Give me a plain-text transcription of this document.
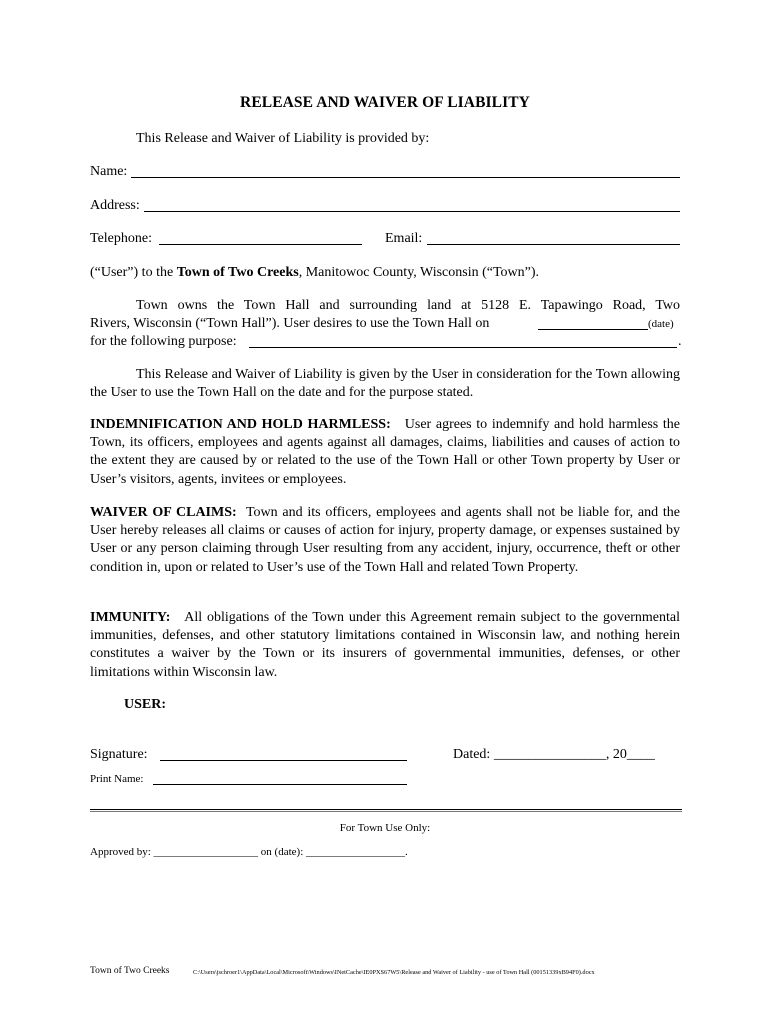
RELEASE AND WAIVER OF LIABILITY
This Release and Waiver of Liability is provided by:
Name:
Address:
Telephone:	Email:
(“User”) to the Town of Two Creeks, Manitowoc County, Wisconsin (“Town”).
Town owns the Town Hall and surrounding land at 5128 E. Tapawingo Road, Two
Rivers, Wisconsin (“Town Hall”). User desires to use the Town Hall on	(date)
for the following purpose:	.
This Release and Waiver of Liability is given by the User in consideration for the Town allowing the User to use the Town Hall on the date and for the purpose stated.
INDEMNIFICATION AND HOLD HARMLESS: User agrees to indemnify and hold harmless the Town, its officers, employees and agents against all damages, claims, liabilities and causes of action to the extent they are caused by or related to the use of the Town Hall or other Town property by User or User’s visitors, agents, invitees or employees.
WAIVER OF CLAIMS: Town and its officers, employees and agents shall not be liable for, and the User hereby releases all claims or causes of action for injury, property damage, or expenses sustained by User or any person claiming through User resulting from any accident, injury, occurrence, theft or other condition in, upon or related to User’s use of the Town Hall and related Town Property.
IMMUNITY: All obligations of the Town under this Agreement remain subject to the governmental immunities, defenses, and other statutory limitations contained in Wisconsin law, and nothing herein constitutes a waiver by the Town or its insurers of governmental immunities, defenses, or other limitations within Wisconsin law.
USER:
Signature:	Dated: ________________, 20____
Print Name:
For Town Use Only:
Approved by: ___________________ on (date): __________________.
Town of Two Creeks	C:\Users\jschroer1\AppData\Local\Microsoft\Windows\INetCache\IE0PXS67W5\Release and Waiver of Liability - use of Town Hall (00151339xB94F0).docx
